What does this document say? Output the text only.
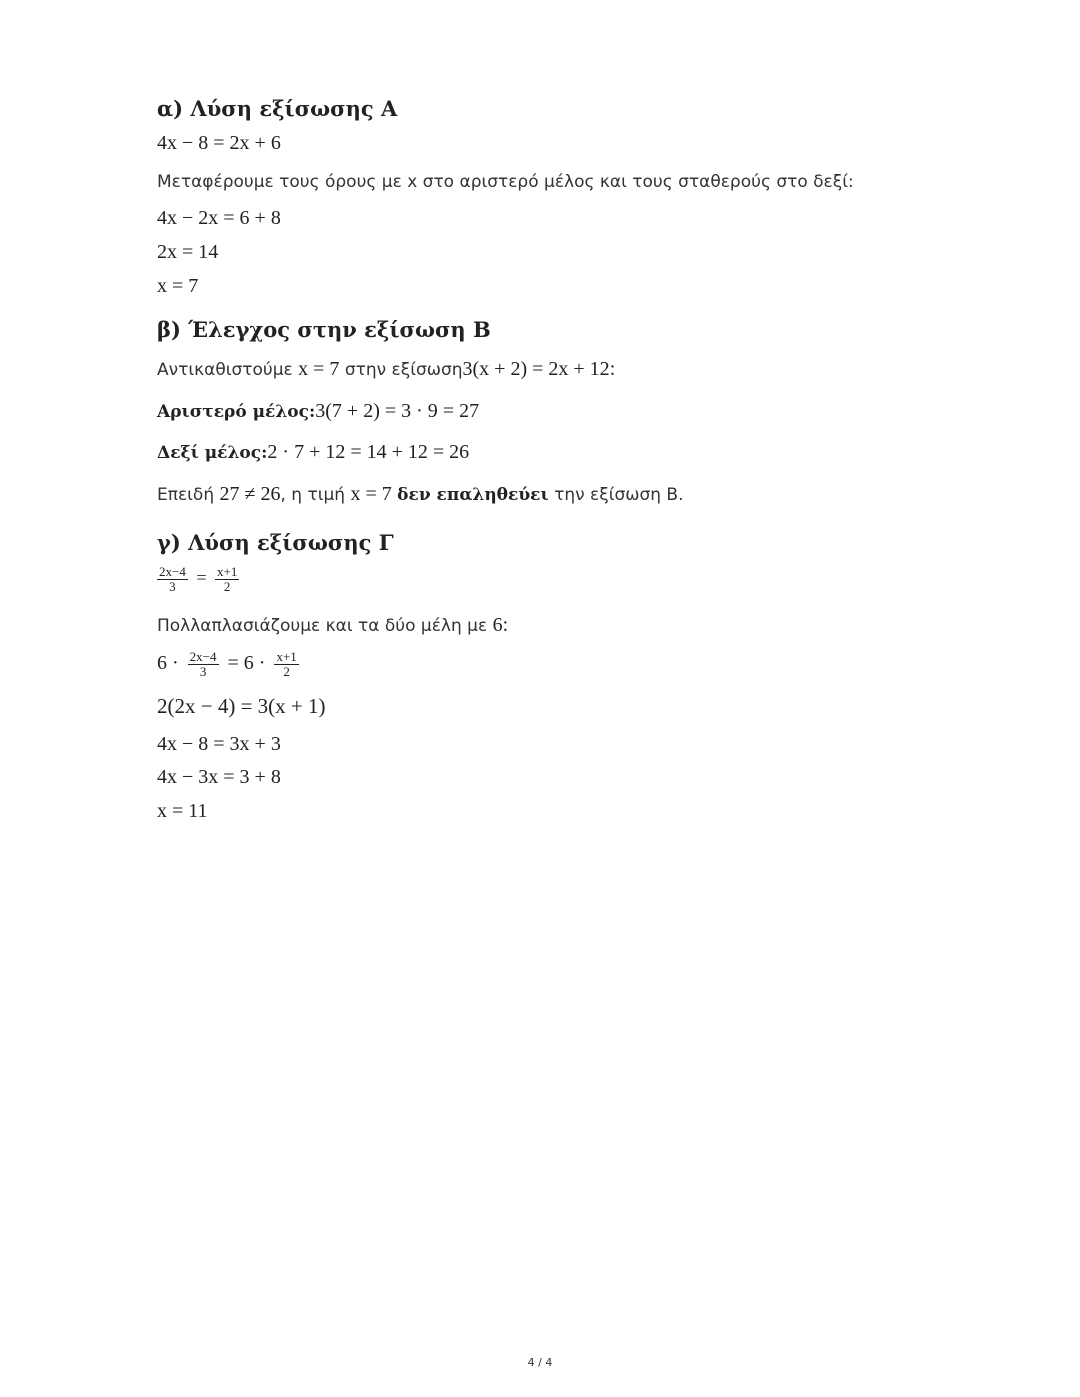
α) Λύση εξίσωσης Α
4x − 8 = 2x + 6
Μεταφέρουμε τους όρους με x στο αριστερό μέλος και τους σταθερούς στο δεξί:
4x − 2x = 6 + 8
2x = 14
x = 7
β) Έλεγχος στην εξίσωση Β
Αντικαθιστούμε x = 7 στην εξίσωση3(x + 2) = 2x + 12:
Αριστερό μέλος:3(7 + 2) = 3 · 9 = 27
Δεξί μέλος:2 · 7 + 12 = 14 + 12 = 26
Επειδή 27 ≠ 26, η τιμή x = 7 δεν επαληθεύει την εξίσωση Β.
γ) Λύση εξίσωσης Γ
$\frac{2x-4}{3} = \frac{x+1}{2}$
Πολλαπλασιάζουμε και τα δύο μέλη με 6:
$6 \cdot \frac{2x-4}{3} = 6 \cdot \frac{x+1}{2}$
2(2x − 4) = 3(x + 1)
4x − 8 = 3x + 3
4x − 3x = 3 + 8
x = 11
4 / 4
